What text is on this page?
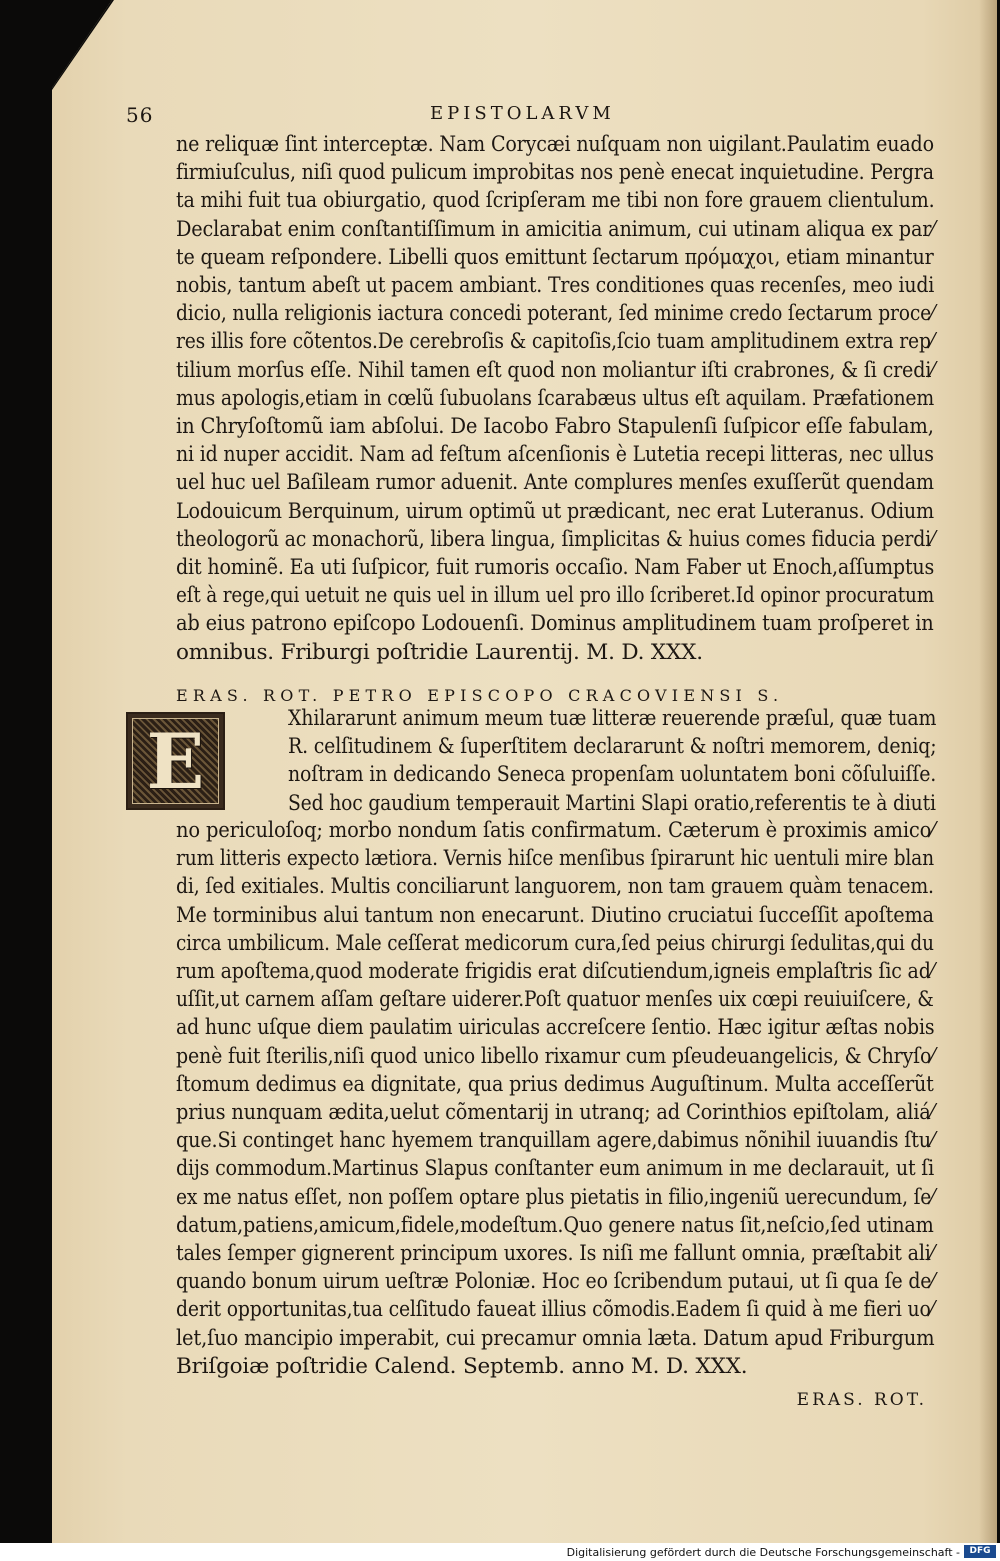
56	EPISTOLARVM
ne reliquæ ſint interceptæ. Nam Corycæi nuſquam non uigilant.Paulatim euado
firmiuſculus, niſi quod pulicum improbitas nos penè enecat inquietudine. Pergra
ta mihi fuit tua obiurgatio, quod ſcripſeram me tibi non fore grauem clientulum.
Declarabat enim conſtantiſſimum in amicitia animum, cui utinam aliqua ex par⁄
te queam reſpondere. Libelli quos emittunt ſectarum πρόμαχοι, etiam minantur
nobis, tantum abeſt ut pacem ambiant. Tres conditiones quas recenſes, meo iudi
dicio, nulla religionis iactura concedi poterant, ſed minime credo ſectarum proce⁄
res illis fore cõtentos.De cerebroſis & capitoſis,ſcio tuam amplitudinem extra rep⁄
tilium morſus eſſe. Nihil tamen eſt quod non moliantur iſti crabrones, & ſi credi⁄
mus apologis,etiam in cœlũ ſubuolans ſcarabæus ultus eſt aquilam. Præfationem
in Chryſoſtomũ iam abſolui. De Iacobo Fabro Stapulenſi ſuſpicor eſſe fabulam,
ni id nuper accidit. Nam ad feſtum aſcenſionis è Lutetia recepi litteras, nec ullus
uel huc uel Baſileam rumor aduenit. Ante complures menſes exuſſerũt quendam
Lodouicum Berquinum, uirum optimũ ut prædicant, nec erat Luteranus. Odium
theologorũ ac monachorũ, libera lingua, ſimplicitas & huius comes fiducia perdi⁄
dit hominẽ. Ea uti ſuſpicor, fuit rumoris occaſio. Nam Faber ut Enoch,aſſumptus
eſt à rege,qui uetuit ne quis uel in illum uel pro illo ſcriberet.Id opinor procuratum
ab eius patrono epiſcopo Lodouenſi. Dominus amplitudinem tuam proſperet in
omnibus. Friburgi poſtridie Laurentij. M. D. XXX.
ERAS. ROT. PETRO EPISCOPO CRACOVIENSI S.
E	Xhilararunt animum meum tuæ litteræ reuerende præſul, quæ tuam
R. celſitudinem & ſuperſtitem declararunt & noſtri memorem, deniq;
noſtram in dedicando Seneca propenſam uoluntatem boni cõſuluiſſe.
Sed hoc gaudium temperauit Martini Slapi oratio,referentis te à diuti
no periculoſoq; morbo nondum ſatis confirmatum. Cæterum è proximis amico⁄
rum litteris expecto lætiora. Vernis hiſce menſibus ſpirarunt hic uentuli mire blan
di, ſed exitiales. Multis conciliarunt languorem, non tam grauem quàm tenacem.
Me torminibus alui tantum non enecarunt. Diutino cruciatui ſucceſſit apoſtema
circa umbilicum. Male ceſſerat medicorum cura,ſed peius chirurgi ſedulitas,qui du
rum apoſtema,quod moderate frigidis erat diſcutiendum,igneis emplaſtris ſic ad⁄
uſſit,ut carnem aſſam geſtare uiderer.Poſt quatuor menſes uix cœpi reuiuiſcere, &
ad hunc uſque diem paulatim uiriculas accreſcere ſentio. Hæc igitur æſtas nobis
penè fuit ſterilis,niſi quod unico libello rixamur cum pſeudeuangelicis, & Chryſo⁄
ſtomum dedimus ea dignitate, qua prius dedimus Auguſtinum. Multa acceſſerũt
prius nunquam ædita,uelut cõmentarij in utranq; ad Corinthios epiſtolam, aliá⁄
que.Si continget hanc hyemem tranquillam agere,dabimus nõnihil iuuandis ſtu⁄
dijs commodum.Martinus Slapus conſtanter eum animum in me declarauit, ut ſi
ex me natus eſſet, non poſſem optare plus pietatis in filio,ingeniũ uerecundum, ſe⁄
datum,patiens,amicum,fidele,modeſtum.Quo genere natus ſit,neſcio,ſed utinam
tales ſemper gignerent principum uxores. Is niſi me fallunt omnia, præſtabit ali⁄
quando bonum uirum ueſtræ Poloniæ. Hoc eo ſcribendum putaui, ut ſi qua ſe de⁄
derit opportunitas,tua celſitudo faueat illius cõmodis.Eadem ſi quid à me fieri uo⁄
let,ſuo mancipio imperabit, cui precamur omnia læta. Datum apud Friburgum
Briſgoiæ poſtridie Calend. Septemb. anno M. D. XXX.
ERAS. ROT.
Digitalisierung gefördert durch die Deutsche Forschungsgemeinschaft -	DFG
